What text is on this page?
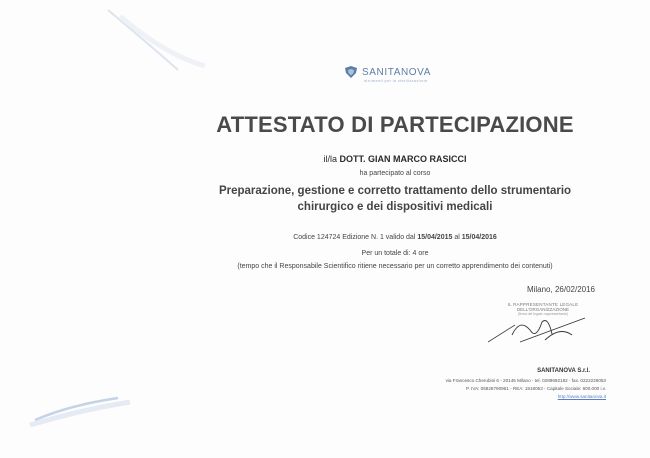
SANITANOVA
strumenti per la sterilizzazione
ATTESTATO DI PARTECIPAZIONE
il/la DOTT. GIAN MARCO RASICCI
ha partecipato al corso
Preparazione, gestione e corretto trattamento dello strumentario
chirurgico e dei dispositivi medicali
Codice 124724 Edizione N. 1 valido dal 15/04/2015 al 15/04/2016
Per un totale di: 4 ore
(tempo che il Responsabile Scientifico ritiene necessario per un corretto apprendimento dei contenuti)
Milano, 26/02/2016
IL RAPPRESENTANTE LEGALE
DELL'ORGANIZZAZIONE
(firma del legale rappresentante)
SANITANOVA S.r.l.
via Francesco Cherubini 6 - 20145 Milano - tel. 0289692182 - fax. 0222226053
P. IVA: 06828790961 - REA: 1918053 - Capitale Sociale: 600.000 i.v.
http://www.sanitanova.it
